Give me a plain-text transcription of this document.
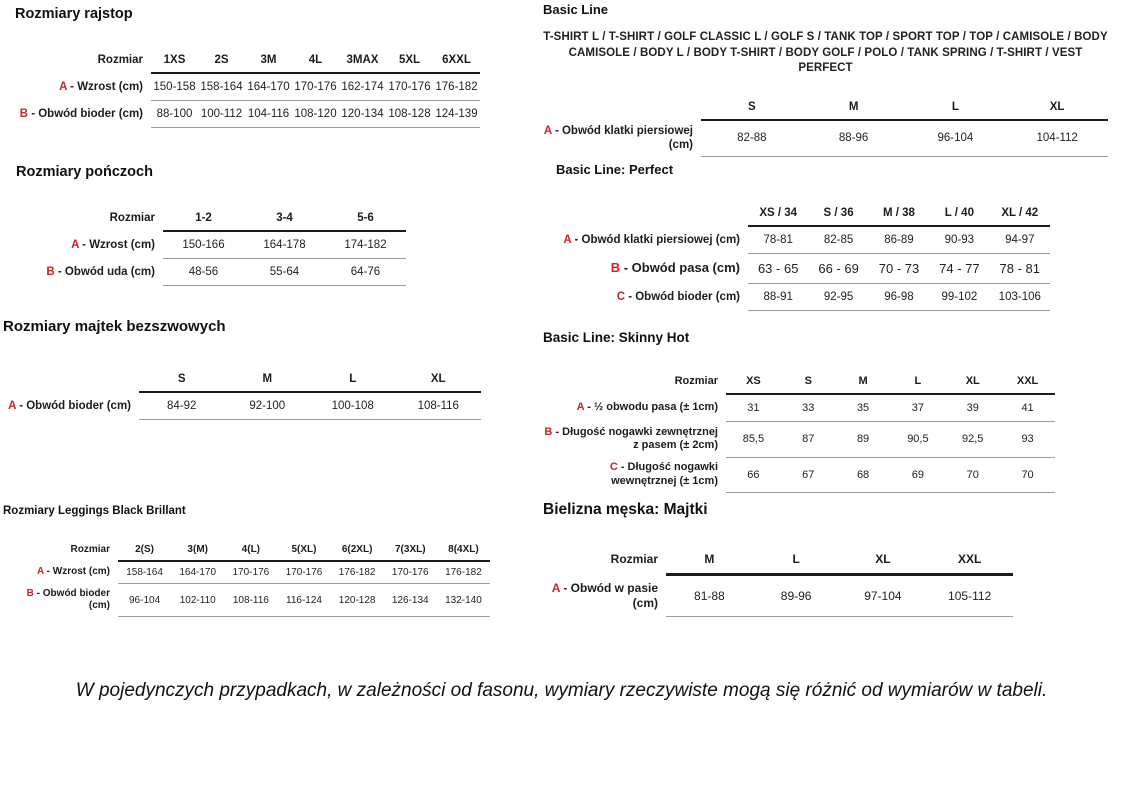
Rozmiary rajstop
Rozmiar	1XS	2S	3M	4L	3MAX	5XL	6XXL
A - Wzrost (cm)	150-158	158-164	164-170	170-176	162-174	170-176	176-182
B - Obwód bioder (cm)	88-100	100-112	104-116	108-120	120-134	108-128	124-139
Rozmiary pończoch
Rozmiar	1-2	3-4	5-6
A - Wzrost (cm)	150-166	164-178	174-182
B - Obwód uda (cm)	48-56	55-64	64-76
Rozmiary majtek bezszwowych
	S	M	L	XL
A - Obwód bioder (cm)	84-92	92-100	100-108	108-116
Rozmiary Leggings Black Brillant
Rozmiar	2(S)	3(M)	4(L)	5(XL)	6(2XL)	7(3XL)	8(4XL)
A - Wzrost (cm)	158-164	164-170	170-176	170-176	176-182	170-176	176-182
B - Obwód bioder (cm)	96-104	102-110	108-116	116-124	120-128	126-134	132-140
Basic Line
T-SHIRT L / T-SHIRT / GOLF CLASSIC L / GOLF S / TANK TOP / SPORT TOP / TOP / CAMISOLE / BODY CAMISOLE / BODY L / BODY T-SHIRT / BODY GOLF / POLO / TANK SPRING / T-SHIRT / VEST PERFECT
	S	M	L	XL
A - Obwód klatki piersiowej (cm)	82-88	88-96	96-104	104-112
Basic Line: Perfect
	XS / 34	S / 36	M / 38	L / 40	XL / 42
A - Obwód klatki piersiowej (cm)	78-81	82-85	86-89	90-93	94-97
B - Obwód pasa (cm)	63 - 65	66 - 69	70 - 73	74 - 77	78 - 81
C - Obwód bioder (cm)	88-91	92-95	96-98	99-102	103-106
Basic Line: Skinny Hot
Rozmiar	XS	S	M	L	XL	XXL
A - ½ obwodu pasa (± 1cm)	31	33	35	37	39	41
B - Długość nogawki zewnętrznej z pasem (± 2cm)	85,5	87	89	90,5	92,5	93
C - Długość nogawki wewnętrznej (± 1cm)	66	67	68	69	70	70
Bielizna męska: Majtki
Rozmiar	M	L	XL	XXL
A - Obwód w pasie (cm)	81-88	89-96	97-104	105-112
W pojedynczych przypadkach, w zależności od fasonu, wymiary rzeczywiste mogą się różnić od wymiarów w tabeli.
